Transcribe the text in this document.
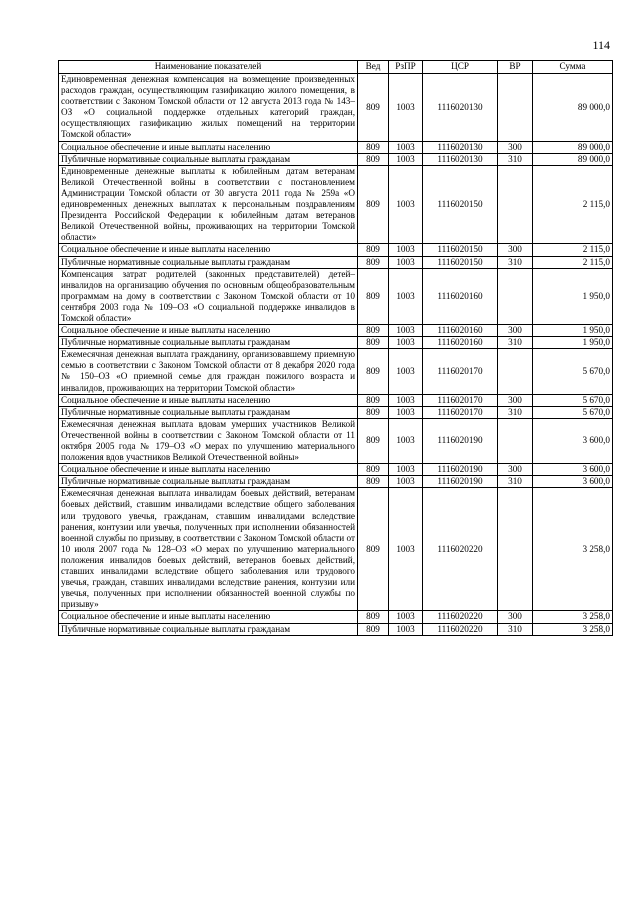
114
Наименование показателей	Вед	РзПР	ЦСР	ВР	Сумма
Единовременная денежная компенсация на возмещение произведенных расходов граждан, осуществляющим газификацию жилого помещения, в соответствии с Законом Томской области от 12 августа 2013 года № 143–ОЗ «О социальной поддержке отдельных категорий граждан, осуществляющих газификацию жилых помещений на территории Томской области»	809	1003	1116020130		89 000,0
Социальное обеспечение и иные выплаты населению	809	1003	1116020130	300	89 000,0
Публичные нормативные социальные выплаты гражданам	809	1003	1116020130	310	89 000,0
Единовременные денежные выплаты к юбилейным датам ветеранам Великой Отечественной войны в соответствии с постановлением Администрации Томской области от 30 августа 2011 года № 259а «О единовременных денежных выплатах к персональным поздравлениям Президента Российской Федерации к юбилейным датам ветеранов Великой Отечественной войны, проживающих на территории Томской области»	809	1003	1116020150		2 115,0
Социальное обеспечение и иные выплаты населению	809	1003	1116020150	300	2 115,0
Публичные нормативные социальные выплаты гражданам	809	1003	1116020150	310	2 115,0
Компенсация затрат родителей (законных представителей) детей–инвалидов на организацию обучения по основным общеобразовательным программам на дому в соответствии с Законом Томской области от 10 сентября 2003 года № 109–ОЗ «О социальной поддержке инвалидов в Томской области»	809	1003	1116020160		1 950,0
Социальное обеспечение и иные выплаты населению	809	1003	1116020160	300	1 950,0
Публичные нормативные социальные выплаты гражданам	809	1003	1116020160	310	1 950,0
Ежемесячная денежная выплата гражданину, организовавшему приемную семью в соответствии с Законом Томской области от 8 декабря 2020 года № 150–ОЗ «О приемной семье для граждан пожилого возраста и инвалидов, проживающих на территории Томской области»	809	1003	1116020170		5 670,0
Социальное обеспечение и иные выплаты населению	809	1003	1116020170	300	5 670,0
Публичные нормативные социальные выплаты гражданам	809	1003	1116020170	310	5 670,0
Ежемесячная денежная выплата вдовам умерших участников Великой Отечественной войны в соответствии с Законом Томской области от 11 октября 2005 года № 179–ОЗ «О мерах по улучшению материального положения вдов участников Великой Отечественной войны»	809	1003	1116020190		3 600,0
Социальное обеспечение и иные выплаты населению	809	1003	1116020190	300	3 600,0
Публичные нормативные социальные выплаты гражданам	809	1003	1116020190	310	3 600,0
Ежемесячная денежная выплата инвалидам боевых действий, ветеранам боевых действий, ставшим инвалидами вследствие общего заболевания или трудового увечья, гражданам, ставшим инвалидами вследствие ранения, контузии или увечья, полученных при исполнении обязанностей военной службы по призыву, в соответствии с Законом Томской области от 10 июля 2007 года № 128–ОЗ «О мерах по улучшению материального положения инвалидов боевых действий, ветеранов боевых действий, ставших инвалидами вследствие общего заболевания или трудового увечья, граждан, ставших инвалидами вследствие ранения, контузии или увечья, полученных при исполнении обязанностей военной службы по призыву»	809	1003	1116020220		3 258,0
Социальное обеспечение и иные выплаты населению	809	1003	1116020220	300	3 258,0
Публичные нормативные социальные выплаты гражданам	809	1003	1116020220	310	3 258,0
